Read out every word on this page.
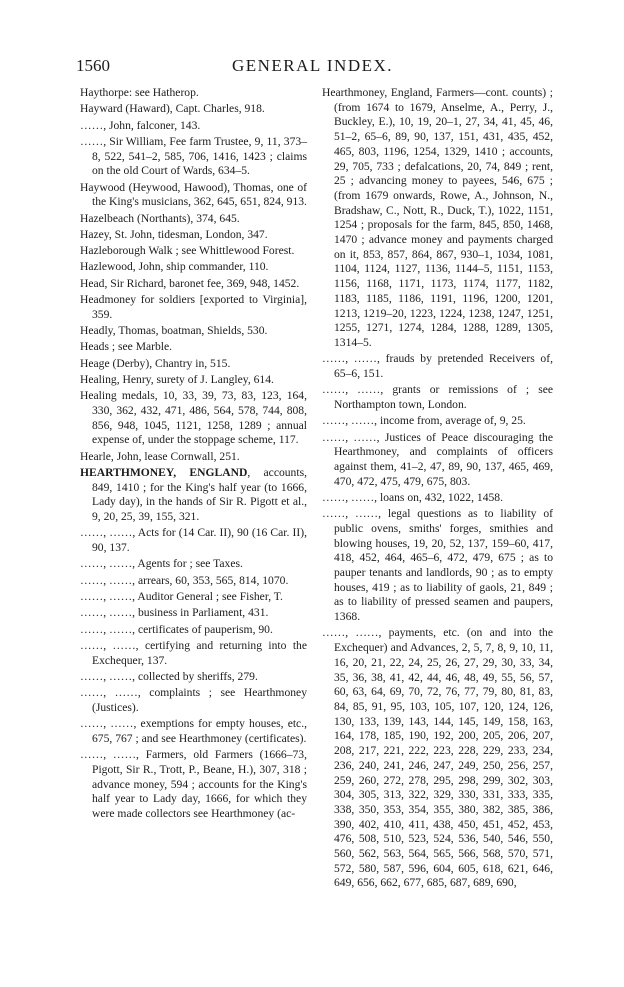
1560	GENERAL INDEX.

Haythorpe: see Hatherop.

Hayward (Haward), Capt. Charles, 918.

……, John, falconer, 143.

……, Sir William, Fee farm Trustee, 9, 11, 373–8, 522, 541–2, 585, 706, 1416, 1423 ; claims on the old Court of Wards, 634–5.

Haywood (Heywood, Hawood), Thomas, one of the King's musicians, 362, 645, 651, 824, 913.

Hazelbeach (Northants), 374, 645.

Hazey, St. John, tidesman, London, 347.

Hazleborough Walk ; see Whittlewood Forest.

Hazlewood, John, ship commander, 110.

Head, Sir Richard, baronet fee, 369, 948, 1452.

Headmoney for soldiers [exported to Virginia], 359.

Headly, Thomas, boatman, Shields, 530.

Heads ; see Marble.

Heage (Derby), Chantry in, 515.

Healing, Henry, surety of J. Langley, 614.

Healing medals, 10, 33, 39, 73, 83, 123, 164, 330, 362, 432, 471, 486, 564, 578, 744, 808, 856, 948, 1045, 1121, 1258, 1289 ; annual expense of, under the stoppage scheme, 117.

Hearle, John, lease Cornwall, 251.

HEARTHMONEY, ENGLAND, accounts, 849, 1410 ; for the King's half year (to 1666, Lady day), in the hands of Sir R. Pigott et al., 9, 20, 25, 39, 155, 321.

……, ……, Acts for (14 Car. II), 90 (16 Car. II), 90, 137.

……, ……, Agents for ; see Taxes.

……, ……, arrears, 60, 353, 565, 814, 1070.

……, ……, Auditor General ; see Fisher, T.

……, ……, business in Parliament, 431.

……, ……, certificates of pauperism, 90.

……, ……, certifying and returning into the Exchequer, 137.

……, ……, collected by sheriffs, 279.

……, ……, complaints ; see Hearthmoney (Justices).

……, ……, exemptions for empty houses, etc., 675, 767 ; and see Hearthmoney (certificates).

……, ……, Farmers, old Farmers (1666–73, Pigott, Sir R., Trott, P., Beane, H.), 307, 318 ; advance money, 594 ; accounts for the King's half year to Lady day, 1666, for which they were made collectors see Hearthmoney (ac-

Hearthmoney, England, Farmers—cont. counts) ; (from 1674 to 1679, Anselme, A., Perry, J., Buckley, E.), 10, 19, 20–1, 27, 34, 41, 45, 46, 51–2, 65–6, 89, 90, 137, 151, 431, 435, 452, 465, 803, 1196, 1254, 1329, 1410 ; accounts, 29, 705, 733 ; defalcations, 20, 74, 849 ; rent, 25 ; advancing money to payees, 546, 675 ; (from 1679 onwards, Rowe, A., Johnson, N., Bradshaw, C., Nott, R., Duck, T.), 1022, 1151, 1254 ; proposals for the farm, 845, 850, 1468, 1470 ; advance money and payments charged on it, 853, 857, 864, 867, 930–1, 1034, 1081, 1104, 1124, 1127, 1136, 1144–5, 1151, 1153, 1156, 1168, 1171, 1173, 1174, 1177, 1182, 1183, 1185, 1186, 1191, 1196, 1200, 1201, 1213, 1219–20, 1223, 1224, 1238, 1247, 1251, 1255, 1271, 1274, 1284, 1288, 1289, 1305, 1314–5.

……, ……, frauds by pretended Receivers of, 65–6, 151.

……, ……, grants or remissions of ; see Northampton town, London.

……, ……, income from, average of, 9, 25.

……, ……, Justices of Peace discouraging the Hearthmoney, and complaints of officers against them, 41–2, 47, 89, 90, 137, 465, 469, 470, 472, 475, 479, 675, 803.

……, ……, loans on, 432, 1022, 1458.

……, ……, legal questions as to liability of public ovens, smiths' forges, smithies and blowing houses, 19, 20, 52, 137, 159–60, 417, 418, 452, 464, 465–6, 472, 479, 675 ; as to pauper tenants and landlords, 90 ; as to empty houses, 419 ; as to liability of gaols, 21, 849 ; as to liability of pressed seamen and paupers, 1368.

……, ……, payments, etc. (on and into the Exchequer) and Advances, 2, 5, 7, 8, 9, 10, 11, 16, 20, 21, 22, 24, 25, 26, 27, 29, 30, 33, 34, 35, 36, 38, 41, 42, 44, 46, 48, 49, 55, 56, 57, 60, 63, 64, 69, 70, 72, 76, 77, 79, 80, 81, 83, 84, 85, 91, 95, 103, 105, 107, 120, 124, 126, 130, 133, 139, 143, 144, 145, 149, 158, 163, 164, 178, 185, 190, 192, 200, 205, 206, 207, 208, 217, 221, 222, 223, 228, 229, 233, 234, 236, 240, 241, 246, 247, 249, 250, 256, 257, 259, 260, 272, 278, 295, 298, 299, 302, 303, 304, 305, 313, 322, 329, 330, 331, 333, 335, 338, 350, 353, 354, 355, 380, 382, 385, 386, 390, 402, 410, 411, 438, 450, 451, 452, 453, 476, 508, 510, 523, 524, 536, 540, 546, 550, 560, 562, 563, 564, 565, 566, 568, 570, 571, 572, 580, 587, 596, 604, 605, 618, 621, 646, 649, 656, 662, 677, 685, 687, 689, 690,
